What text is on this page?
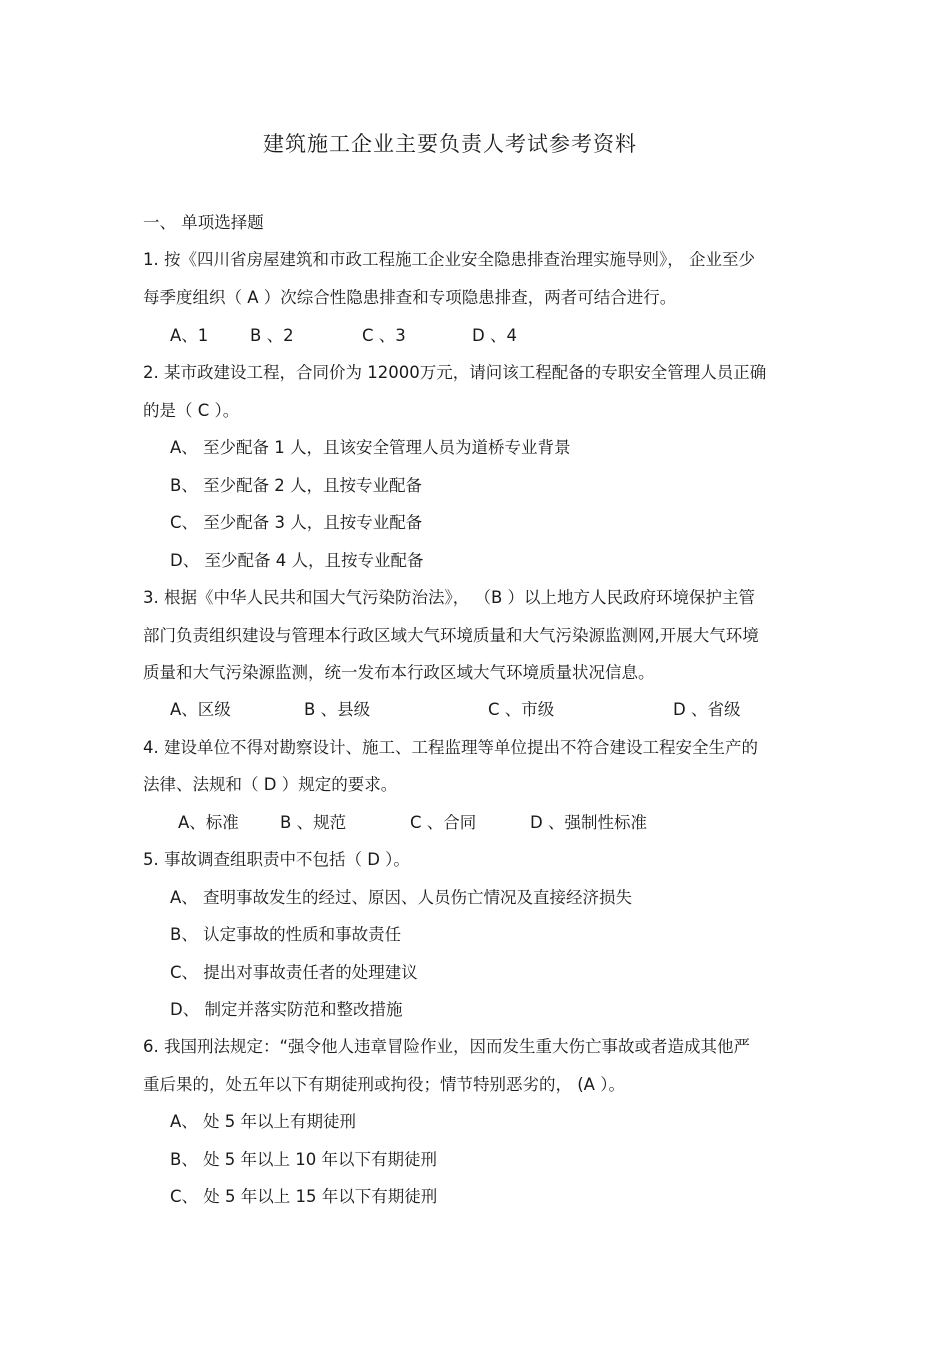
建筑施工企业主要负责人考试参考资料
一、 单项选择题
1. 按《四川省房屋建筑和市政工程施工企业安全隐患排查治理实施导则》， 企业至少
每季度组织（ A ）次综合性隐患排查和专项隐患排查，两者可结合进行。
A、1	B 、2	C 、3	D 、4
2. 某市政建设工程，合同价为 12000万元，请问该工程配备的专职安全管理人员正确
的是（ C ）。
A、 至少配备 1 人，且该安全管理人员为道桥专业背景
B、 至少配备 2 人，且按专业配备
C、 至少配备 3 人，且按专业配备
D、 至少配备 4 人，且按专业配备
3. 根据《中华人民共和国大气污染防治法》， （B ）以上地方人民政府环境保护主管
部门负责组织建设与管理本行政区域大气环境质量和大气污染源监测网,开展大气环境
质量和大气污染源监测，统一发布本行政区域大气环境质量状况信息。
A、区级	B 、县级	C 、市级	D 、省级
4. 建设单位不得对勘察设计、施工、工程监理等单位提出不符合建设工程安全生产的
法律、法规和（ D ）规定的要求。
A、标准 B 、规范	C 、合同	D 、强制性标准
5. 事故调查组职责中不包括（ D ）。
A、 查明事故发生的经过、原因、人员伤亡情况及直接经济损失
B、 认定事故的性质和事故责任
C、 提出对事故责任者的处理建议
D、 制定并落实防范和整改措施
6. 我国刑法规定：“强令他人违章冒险作业，因而发生重大伤亡事故或者造成其他严
重后果的，处五年以下有期徒刑或拘役；情节特别恶劣的， (A ）。
A、 处 5 年以上有期徒刑
B、 处 5 年以上 10 年以下有期徒刑
C、 处 5 年以上 15 年以下有期徒刑
